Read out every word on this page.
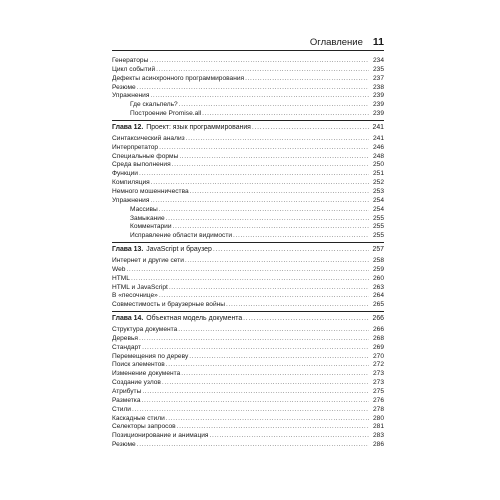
Оглавление 11
Генераторы . . .	234
Цикл событий . . .	235
Дефекты асинхронного программирования . . .	237
Резюме . . .	238
Упражнения . . .	239
Где скальпель? . . .	239
Построение Promise.all . . .	239
Глава 12. Проект: язык программирования . . .	241
Синтаксический анализ . . .	241
Интерпретатор . . .	246
Специальные формы . . .	248
Среда выполнения . . .	250
Функции . . .	251
Компиляция . . .	252
Немного мошенничества . . .	253
Упражнения . . .	254
Массивы . . .	254
Замыкание . . .	255
Комментарии . . .	255
Исправление области видимости . . .	255
Глава 13. JavaScript и браузер . . .	257
Интернет и другие сети . . .	258
Web . . .	259
HTML . . .	260
HTML и JavaScript . . .	263
В «песочнице» . . .	264
Совместимость и браузерные войны . . .	265
Глава 14. Объектная модель документа . . .	266
Структура документа . . .	266
Деревья . . .	268
Стандарт . . .	269
Перемещения по дереву . . .	270
Поиск элементов . . .	272
Изменение документа . . .	273
Создание узлов . . .	273
Атрибуты . . .	275
Разметка . . .	276
Стили . . .	278
Каскадные стили . . .	280
Селекторы запросов . . .	281
Позиционирование и анимация . . .	283
Резюме . . .	286
